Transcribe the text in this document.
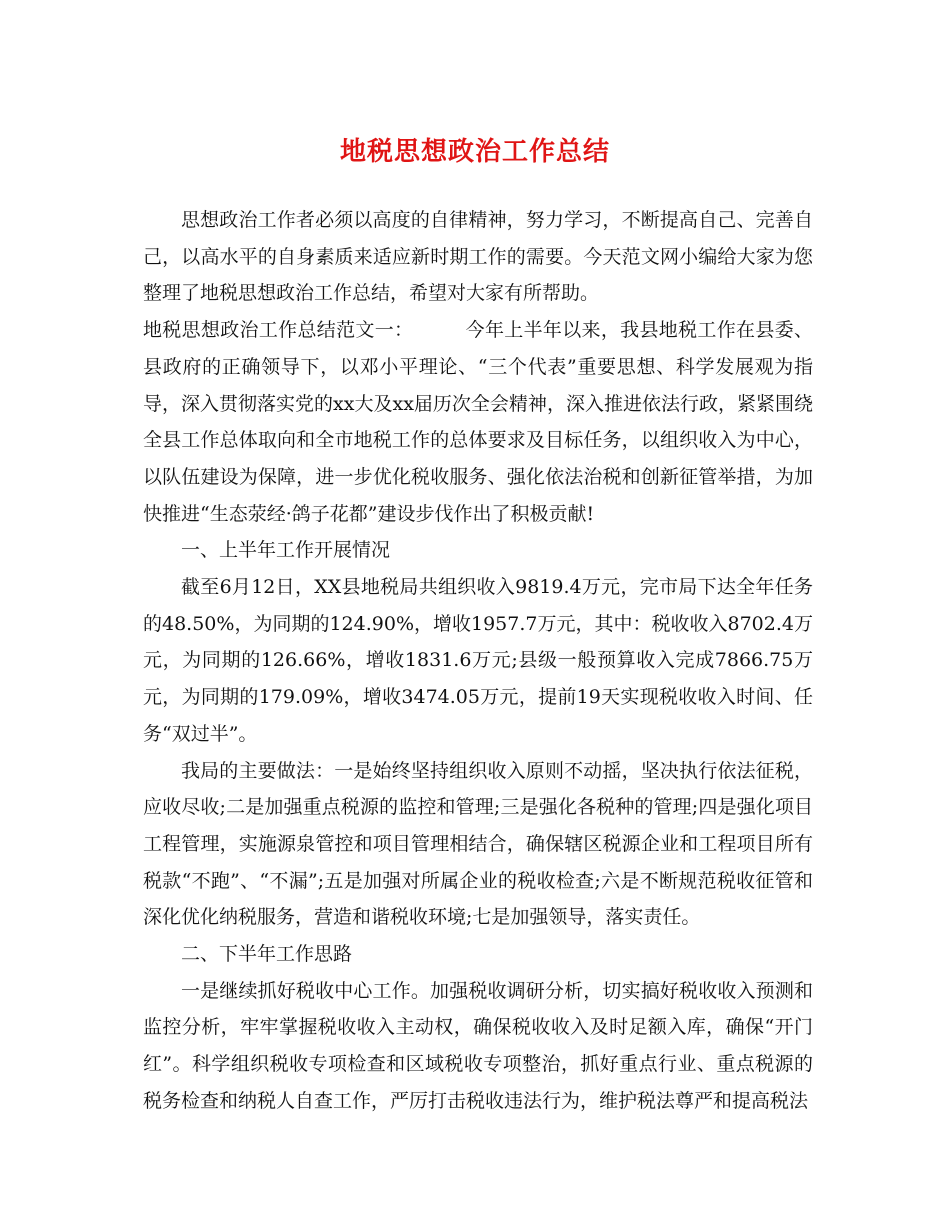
地税思想政治工作总结

思想政治工作者必须以高度的自律精神，努力学习，不断提高自己、完善自己，以高水平的自身素质来适应新时期工作的需要。今天范文网小编给大家为您整理了地税思想政治工作总结，希望对大家有所帮助。

地税思想政治工作总结范文一：	今年上半年以来，我县地税工作在县委、县政府的正确领导下，以邓小平理论、“三个代表”重要思想、科学发展观为指导，深入贯彻落实党的xx大及xx届历次全会精神，深入推进依法行政，紧紧围绕全县工作总体取向和全市地税工作的总体要求及目标任务，以组织收入为中心，以队伍建设为保障，进一步优化税收服务、强化依法治税和创新征管举措，为加快推进“生态荥经·鸽子花都”建设步伐作出了积极贡献!

一、上半年工作开展情况

截至6月12日，XX县地税局共组织收入9819.4万元，完市局下达全年任务的48.50%，为同期的124.90%，增收1957.7万元，其中：税收收入8702.4万元，为同期的126.66%，增收1831.6万元;县级一般预算收入完成7866.75万元，为同期的179.09%，增收3474.05万元，提前19天实现税收收入时间、任务“双过半”。

我局的主要做法：一是始终坚持组织收入原则不动摇，坚决执行依法征税，应收尽收;二是加强重点税源的监控和管理;三是强化各税种的管理;四是强化项目工程管理，实施源泉管控和项目管理相结合，确保辖区税源企业和工程项目所有税款“不跑”、“不漏”;五是加强对所属企业的税收检查;六是不断规范税收征管和深化优化纳税服务，营造和谐税收环境;七是加强领导，落实责任。

二、下半年工作思路

一是继续抓好税收中心工作。加强税收调研分析，切实搞好税收收入预测和监控分析，牢牢掌握税收收入主动权，确保税收收入及时足额入库，确保“开门红”。科学组织税收专项检查和区域税收专项整治，抓好重点行业、重点税源的税务检查和纳税人自查工作，严厉打击税收违法行为，维护税法尊严和提高税法
